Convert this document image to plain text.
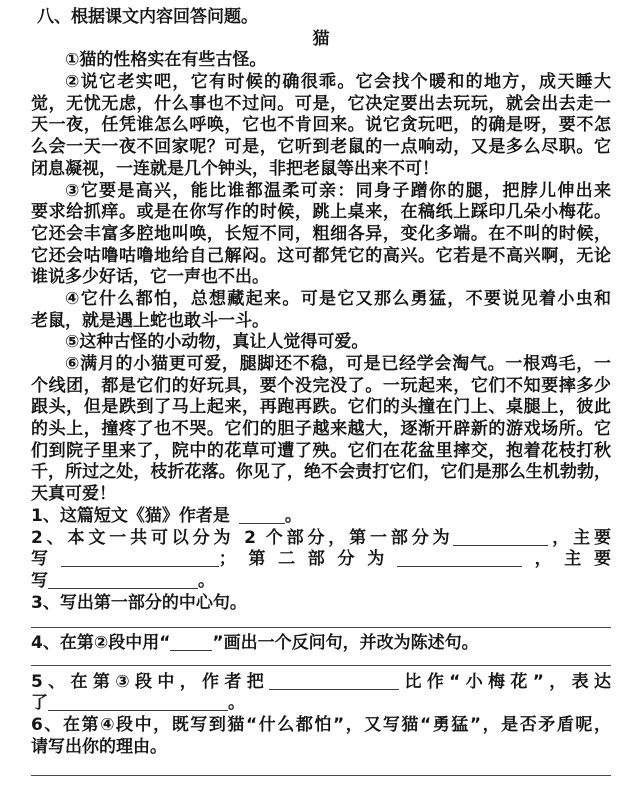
八、根据课文内容回答问题。
猫
①猫的性格实在有些古怪。
②说它老实吧，它有时候的确很乖。它会找个暖和的地方，成天睡大
觉，无忧无虑，什么事也不过问。可是，它决定要出去玩玩，就会出去走一
天一夜，任凭谁怎么呼唤，它也不肯回来。说它贪玩吧，的确是呀，要不怎
么会一天一夜不回家呢？可是，它听到老鼠的一点响动，又是多么尽职。它
闭息凝视，一连就是几个钟头，非把老鼠等出来不可！
③它要是高兴，能比谁都温柔可亲：同身子蹭你的腿，把脖儿伸出来
要求给抓痒。或是在你写作的时候，跳上桌来，在稿纸上踩印几朵小梅花。
它还会丰富多腔地叫唤，长短不同，粗细各异，变化多端。在不叫的时候，
它还会咕噜咕噜地给自己解闷。这可都凭它的高兴。它若是不高兴啊，无论
谁说多少好话，它一声也不出。
④它什么都怕，总想藏起来。可是它又那么勇猛，不要说见着小虫和
老鼠，就是遇上蛇也敢斗一斗。
⑤这种古怪的小动物，真让人觉得可爱。
⑥满月的小猫更可爱，腿脚还不稳，可是已经学会淘气。一根鸡毛，一
个线团，都是它们的好玩具，要个没完没了。一玩起来，它们不知要摔多少
跟头，但是跌到了马上起来，再跑再跌。它们的头撞在门上、桌腿上，彼此
的头上，撞疼了也不哭。它们的胆子越来越大，逐渐开辟新的游戏场所。它
们到院子里来了，院中的花草可遭了殃。它们在花盆里摔交，抱着花枝打秋
千，所过之处，枝折花落。你见了，绝不会责打它们，它们是那么生机勃勃，
天真可爱！
1、这篇短文《猫》作者是	。
2、本文一共可以分为 2 个部分，第一部分为	，主要
写	；第二部分为	，主要
写	。
3、写出第一部分的中心句。
4、在第②段中用“ ”画出一个反问句，并改为陈述句。
5、在第③段中，作者把	比作“小梅花”，表达
了	。
6、在第④段中，既写到猫“什么都怕”，又写猫“勇猛”，是否矛盾呢，
请写出你的理由。
